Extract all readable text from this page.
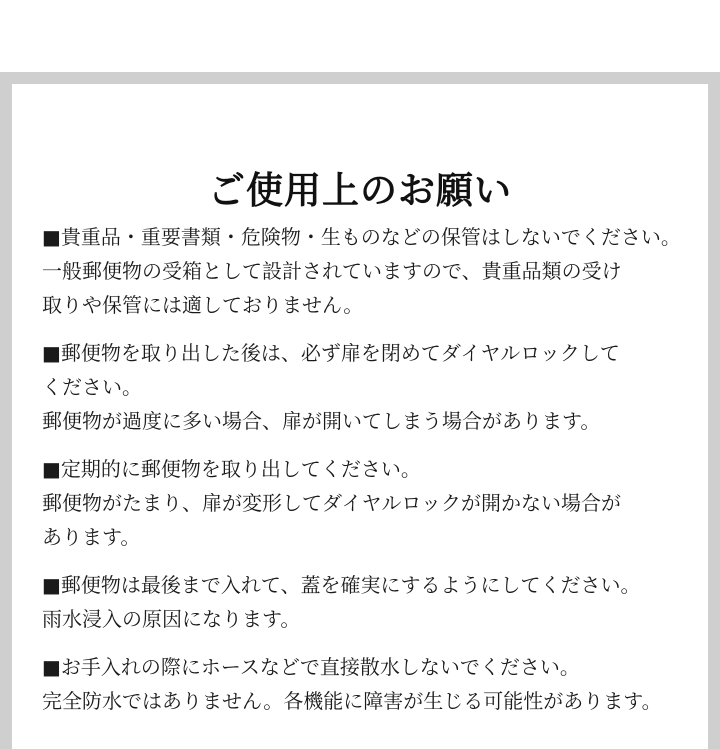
ご使用上のお願い

■貴重品・重要書類・危険物・生ものなどの保管はしないでください。

一般郵便物の受箱として設計されていますので、貴重品類の受け

取りや保管には適しておりません。

■郵便物を取り出した後は、必ず扉を閉めてダイヤルロックして

ください。

郵便物が過度に多い場合、扉が開いてしまう場合があります。

■定期的に郵便物を取り出してください。

郵便物がたまり、扉が変形してダイヤルロックが開かない場合が

あります。

■郵便物は最後まで入れて、蓋を確実にするようにしてください。

雨水浸入の原因になります。

■お手入れの際にホースなどで直接散水しないでください。

完全防水ではありません。各機能に障害が生じる可能性があります。
